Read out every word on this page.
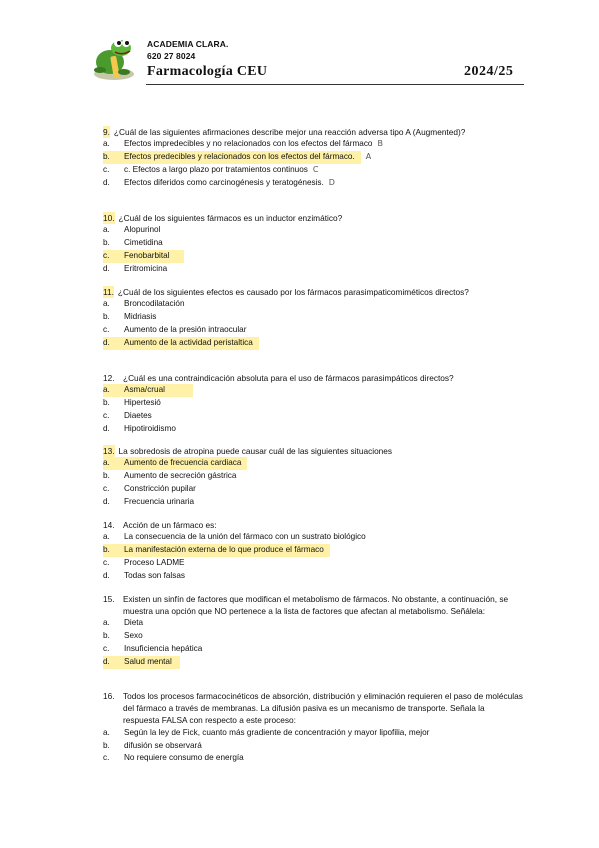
ACADEMIA CLARA.
620 27 8024
Farmacología CEU	2024/25
9. ¿Cuál de las siguientes afirmaciones describe mejor una reacción adversa tipo A (Augmented)?
a.	Efectos impredecibles y no relacionados con los efectos del fármaco B
b. Efectos predecibles y relacionados con los efectos del fármaco.	A
c.	c. Efectos a largo plazo por tratamientos continuos C
d.	Efectos diferidos como carcinogénesis y teratogénesis. D
10. ¿Cuál de los siguientes fármacos es un inductor enzimático?
a.	Alopurinol
b.	Cimetidina
c. Fenobarbital
d.	Eritromicina
11. ¿Cuál de los siguientes efectos es causado por los fármacos parasimpaticomiméticos directos?
a.	Broncodilatación
b.	Midriasis
c.	Aumento de la presión intraocular
d. Aumento de la actividad peristaltica
12.	¿Cuál es una contraindicación absoluta para el uso de fármacos parasimpáticos directos?
a. Asma/crual
b.	Hipertesió
c.	Diaetes
d.	Hipotiroidismo
13. La sobredosis de atropina puede causar cuál de las siguientes situaciones
a. Aumento de frecuencia cardiaca
b.	Aumento de secreción gástrica
c.	Constricción pupilar
d.	Frecuencia urinaria
14.	Acción de un fármaco es:
a.	La consecuencia de la unión del fármaco con un sustrato biológico
b. La manifestación externa de lo que produce el fármaco
c.	Proceso LADME
d.	Todas son falsas
15.	Existen un sinfín de factores que modifican el metabolismo de fármacos. No obstante, a continuación, se muestra una opción que NO pertenece a la lista de factores que afectan al metabolismo. Señálela:
a.	Dieta
b.	Sexo
c.	Insuficiencia hepática
d. Salud mental
16.	Todos los procesos farmacocinéticos de absorción, distribución y eliminación requieren el paso de moléculas del fármaco a través de membranas. La difusión pasiva es un mecanismo de transporte. Señala la respuesta FALSA con respecto a este proceso:
a.	Según la ley de Fick, cuanto más gradiente de concentración y mayor lipofilia, mejor
b.	difusión se observará
c.	No requiere consumo de energía
